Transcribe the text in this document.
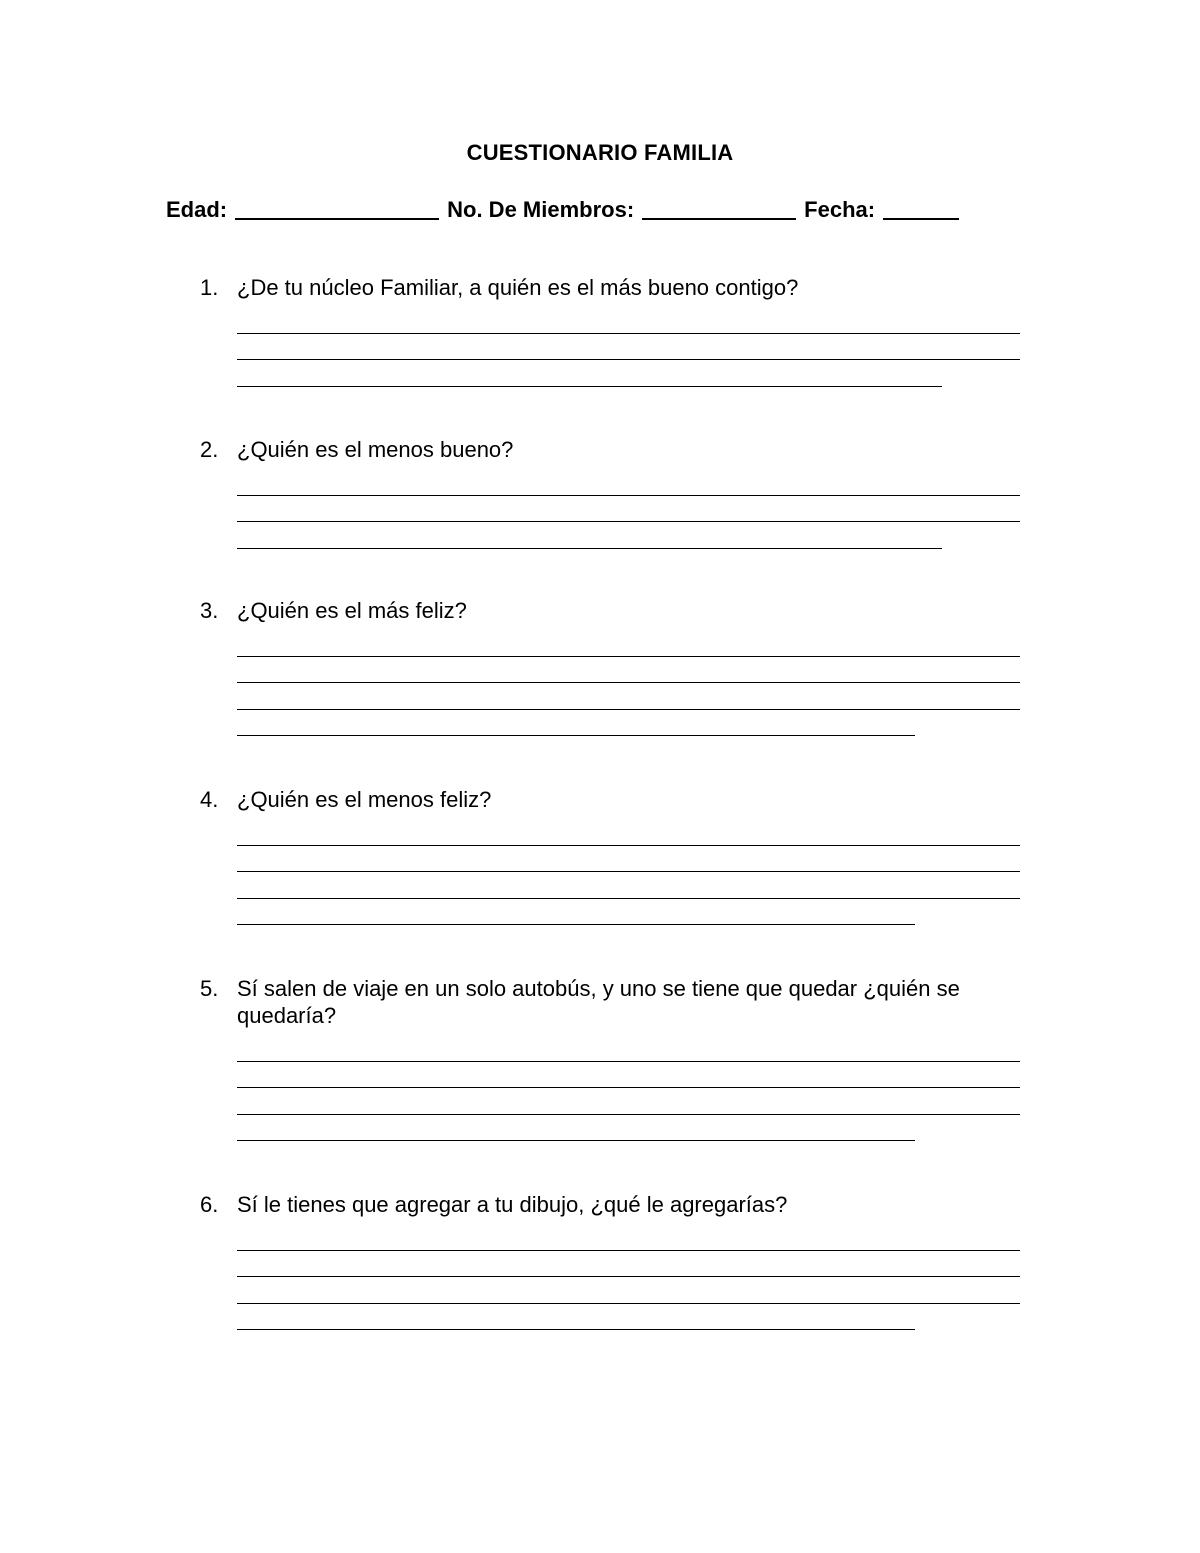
CUESTIONARIO FAMILIA
Edad:	No. De Miembros:	Fecha:
1. ¿De tu núcleo Familiar, a quién es el más bueno contigo?
2. ¿Quién es el menos bueno?
3. ¿Quién es el más feliz?
4. ¿Quién es el menos feliz?
5. Sí salen de viaje en un solo autobús, y uno se tiene que quedar ¿quién se quedaría?
6. Sí le tienes que agregar a tu dibujo, ¿qué le agregarías?
